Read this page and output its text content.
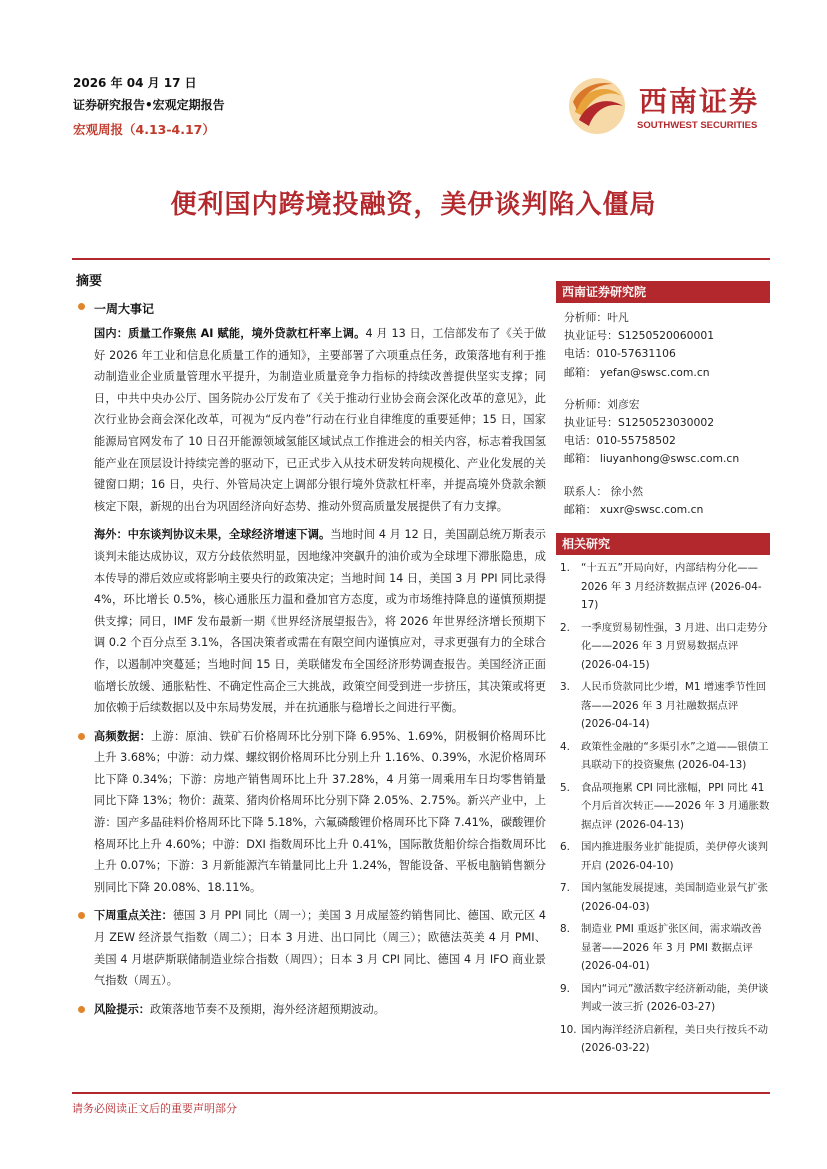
2026 年 04 月 17 日
证券研究报告•宏观定期报告
宏观周报（4.13-4.17）
西南证券
SOUTHWEST SECURITIES
便利国内跨境投融资，美伊谈判陷入僵局
摘要
一周大事记
国内：质量工作聚焦 AI 赋能，境外贷款杠杆率上调。4 月 13 日，工信部发布了《关于做好 2026 年工业和信息化质量工作的通知》，主要部署了六项重点任务，政策落地有利于推动制造业企业质量管理水平提升，为制造业质量竞争力指标的持续改善提供坚实支撑；同日，中共中央办公厅、国务院办公厅发布了《关于推动行业协会商会深化改革的意见》，此次行业协会商会深化改革，可视为“反内卷”行动在行业自律维度的重要延伸；15 日，国家能源局官网发布了 10 日召开能源领域氢能区域试点工作推进会的相关内容，标志着我国氢能产业在顶层设计持续完善的驱动下，已正式步入从技术研发转向规模化、产业化发展的关键窗口期；16 日，央行、外管局决定上调部分银行境外贷款杠杆率，并提高境外贷款余额核定下限，新规的出台为巩固经济向好态势、推动外贸高质量发展提供了有力支撑。
海外：中东谈判协议未果，全球经济增速下调。当地时间 4 月 12 日，美国副总统万斯表示谈判未能达成协议，双方分歧依然明显，因地缘冲突飙升的油价或为全球埋下滞胀隐患，成本传导的滞后效应或将影响主要央行的政策决定；当地时间 14 日，美国 3 月 PPI 同比录得 4%，环比增长 0.5%，核心通胀压力温和叠加官方态度，或为市场维持降息的谨慎预期提供支撑；同日，IMF 发布最新一期《世界经济展望报告》，将 2026 年世界经济增长预期下调 0.2 个百分点至 3.1%，各国决策者或需在有限空间内谨慎应对，寻求更强有力的全球合作，以遏制冲突蔓延；当地时间 15 日，美联储发布全国经济形势调查报告。美国经济正面临增长放缓、通胀粘性、不确定性高企三大挑战，政策空间受到进一步挤压，其决策或将更加依赖于后续数据以及中东局势发展，并在抗通胀与稳增长之间进行平衡。
高频数据：上游：原油、铁矿石价格周环比分别下降 6.95%、1.69%，阴极铜价格周环比上升 3.68%；中游：动力煤、螺纹钢价格周环比分别上升 1.16%、0.39%，水泥价格周环比下降 0.34%；下游：房地产销售周环比上升 37.28%，4 月第一周乘用车日均零售销量同比下降 13%；物价：蔬菜、猪肉价格周环比分别下降 2.05%、2.75%。新兴产业中，上游：国产多晶硅料价格周环比下降 5.18%，六氟磷酸锂价格周环比下降 7.41%，碳酸锂价格周环比上升 4.60%；中游：DXI 指数周环比上升 0.41%，国际散货船价综合指数周环比上升 0.07%；下游：3 月新能源汽车销量同比上升 1.24%，智能设备、平板电脑销售额分别同比下降 20.08%、18.11%。
下周重点关注：德国 3 月 PPI 同比（周一）；美国 3 月成屋签约销售同比、德国、欧元区 4 月 ZEW 经济景气指数（周二）；日本 3 月进、出口同比（周三）；欧德法英美 4 月 PMI、美国 4 月堪萨斯联储制造业综合指数（周四）；日本 3 月 CPI 同比、德国 4 月 IFO 商业景气指数（周五）。
风险提示：政策落地节奏不及预期，海外经济超预期波动。
西南证券研究院
分析师：叶凡
执业证号：S1250520060001
电话：010-57631106
邮箱： yefan@swsc.com.cn
分析师：刘彦宏
执业证号：S1250523030002
电话：010-55758502
邮箱： liuyanhong@swsc.com.cn
联系人： 徐小然
邮箱： xuxr@swsc.com.cn
相关研究
1. “十五五”开局向好，内部结构分化——2026 年 3 月经济数据点评 (2026-04-17)
2. 一季度贸易韧性强，3 月进、出口走势分化——2026 年 3 月贸易数据点评 (2026-04-15)
3. 人民币贷款同比少增，M1 增速季节性回落——2026 年 3 月社融数据点评 (2026-04-14)
4. 政策性金融的“多渠引水”之道——银债工具联动下的投资聚焦 (2026-04-13)
5. 食品项拖累 CPI 同比涨幅，PPI 同比 41 个月后首次转正——2026 年 3 月通胀数据点评 (2026-04-13)
6. 国内推进服务业扩能提质，美伊停火谈判开启 (2026-04-10)
7. 国内氢能发展提速，美国制造业景气扩张 (2026-04-03)
8. 制造业 PMI 重返扩张区间，需求端改善显著——2026 年 3 月 PMI 数据点评 (2026-04-01)
9. 国内“词元”激活数字经济新动能，美伊谈判或一波三折 (2026-03-27)
10. 国内海洋经济启新程，美日央行按兵不动 (2026-03-22)
请务必阅读正文后的重要声明部分
